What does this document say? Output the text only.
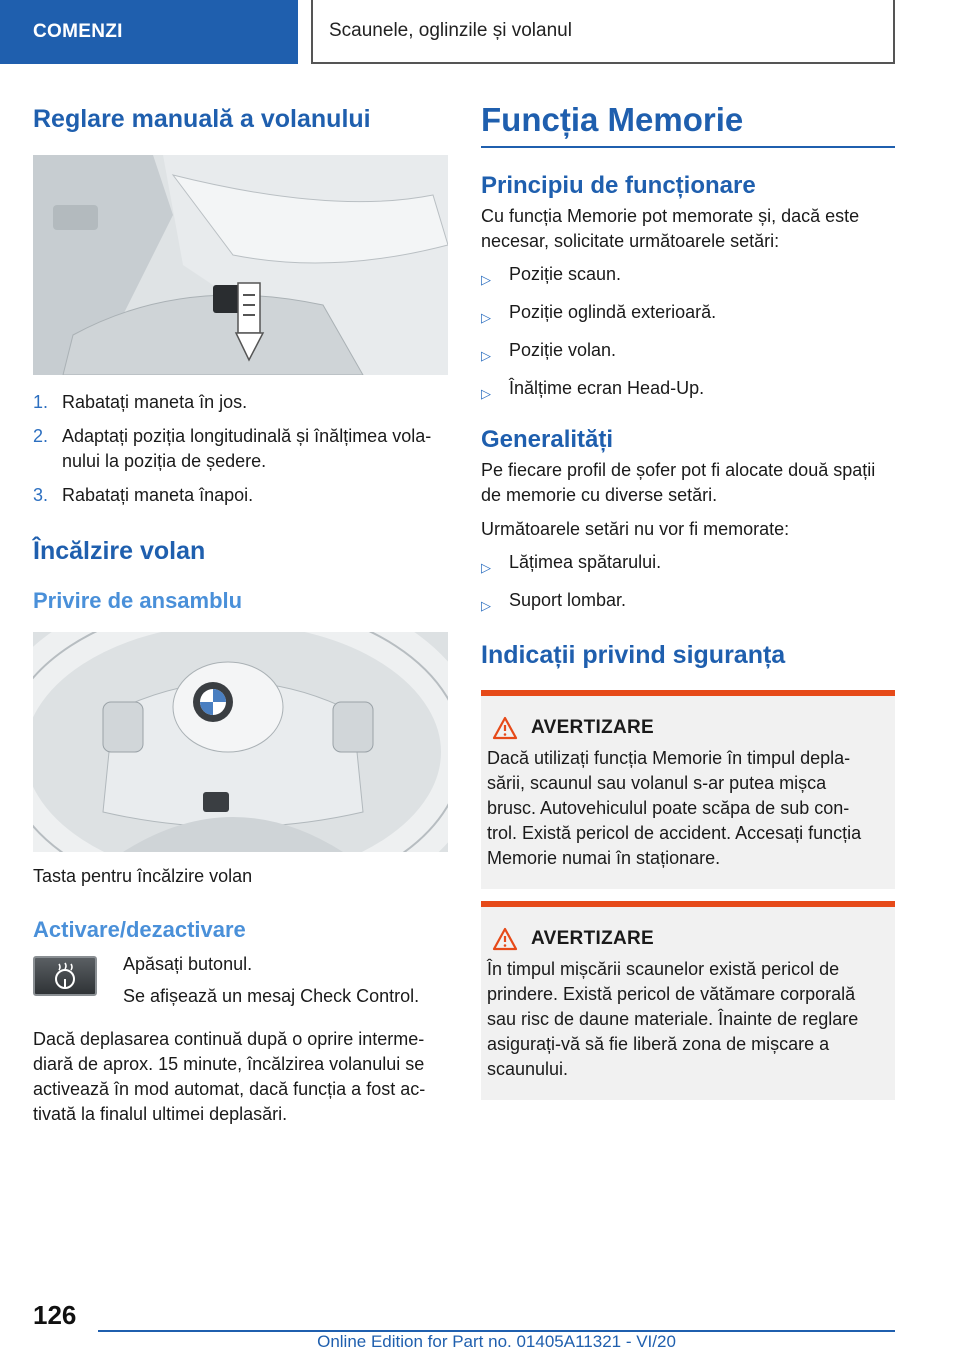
COMENZI	Scaunele, oglinzile și volanul
Reglare manuală a volanului
1. Rabatați maneta în jos.
2. Adaptați poziția longitudinală și înălțimea vola-
nului la poziția de ședere.
3. Rabatați maneta înapoi.
Încălzire volan
Privire de ansamblu

Tasta pentru încălzire volan

Activare/dezactivare

Apăsați butonul.

Se afișează un mesaj Check Control.

Dacă deplasarea continuă după o oprire interme-
diară de aprox. 15 minute, încălzirea volanului se
activează în mod automat, dacă funcția a fost ac-
tivată la finalul ultimei deplasări.

Funcția Memorie
Principiu de funcționare

Cu funcția Memorie pot memorate și, dacă este
necesar, solicitate următoarele setări:

▷	Poziție scaun.
▷	Poziție oglindă exterioară.
▷	Poziție volan.
▷	Înălțime ecran Head-Up.
Generalități

Pe fiecare profil de șofer pot fi alocate două spații
de memorie cu diverse setări.

Următoarele setări nu vor fi memorate:

▷	Lățimea spătarului.
▷	Suport lombar.
Indicații privind siguranța
AVERTIZARE

Dacă utilizați funcția Memorie în timpul depla-
sării, scaunul sau volanul s-ar putea mișca
brusc. Autovehiculul poate scăpa de sub con-
trol. Există pericol de accident. Accesați funcția
Memorie numai în staționare.

AVERTIZARE

În timpul mișcării scaunelor există pericol de
prindere. Există pericol de vătămare corporală
sau risc de daune materiale. Înainte de reglare
asigurați-vă să fie liberă zona de mișcare a
scaunului.

126
Online Edition for Part no. 01405A11321 - VI/20
